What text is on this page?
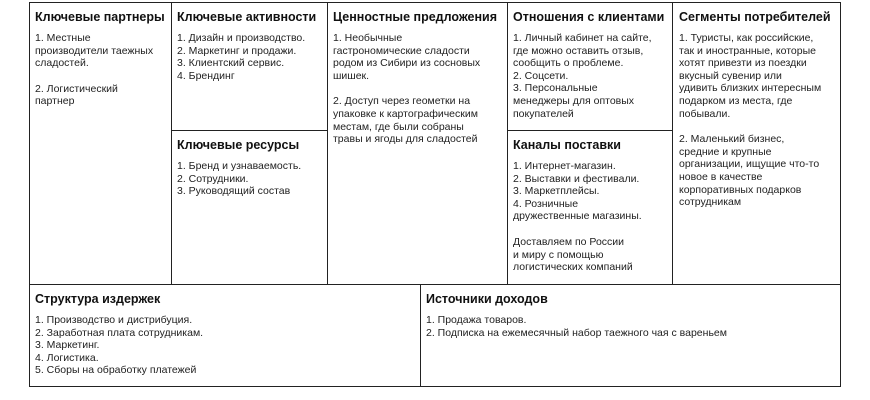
Ключевые партнеры
1. Местные
производители таежных
сладостей.
2. Логистический
партнер
Ключевые активности
1. Дизайн и производство.
2. Маркетинг и продажи.
3. Клиентский сервис.
4. Брендинг
Ключевые ресурсы
1. Бренд и узнаваемость.
2. Сотрудники.
3. Руководящий состав
Ценностные предложения
1. Необычные
гастрономические сладости
родом из Сибири из сосновых
шишек.
2. Доступ через геометки на
упаковке к картографическим
местам, где были собраны
травы и ягоды для сладостей
Отношения с клиентами
1. Личный кабинет на сайте,
где можно оставить отзыв,
сообщить о проблеме.
2. Соцсети.
3. Персональные
менеджеры для оптовых
покупателей
Каналы поставки
1. Интернет-магазин.
2. Выставки и фестивали.
3. Маркетплейсы.
4. Розничные
дружественные магазины.
Доставляем по России
и миру с помощью
логистических компаний
Сегменты потребителей
1. Туристы, как российские,
так и иностранные, которые
хотят привезти из поездки
вкусный сувенир или
удивить близких интересным
подарком из места, где
побывали.
2. Маленький бизнес,
средние и крупные
организации, ищущие что-то
новое в качестве
корпоративных подарков
сотрудникам
Структура издержек
1. Производство и дистрибуция.
2. Заработная плата сотрудникам.
3. Маркетинг.
4. Логистика.
5. Сборы на обработку платежей
Источники доходов
1. Продажа товаров.
2. Подписка на ежемесячный набор таежного чая с вареньем
